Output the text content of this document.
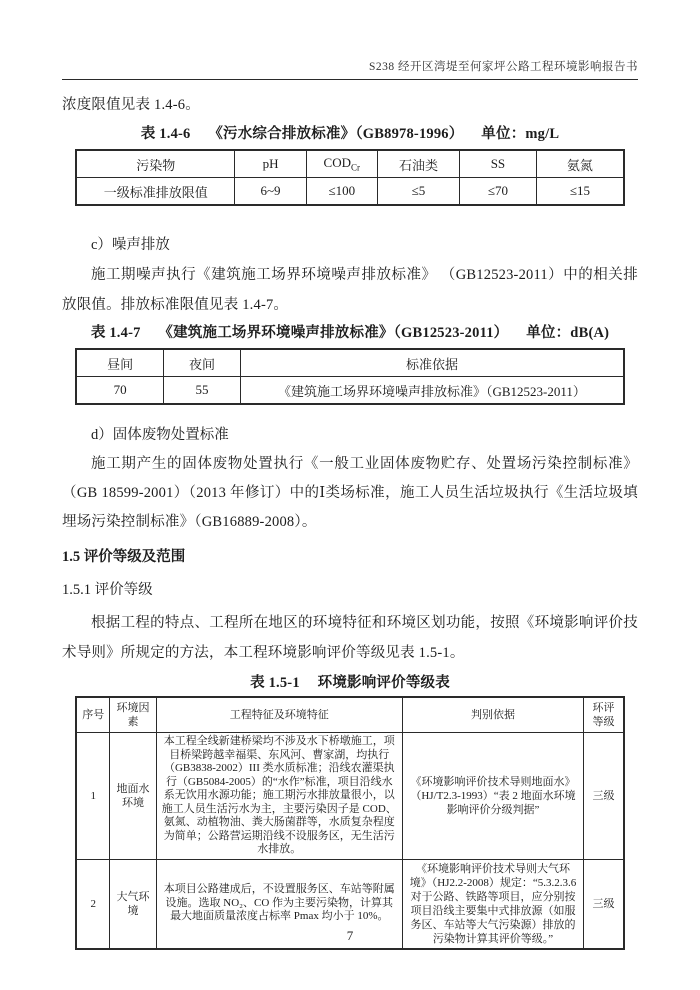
S238 经开区湾堤至何家坪公路工程环境影响报告书

浓度限值见表 1.4-6。

表 1.4-6 《污水综合排放标准》（GB8978-1996） 单位：mg/L
污染物	pH	$COD_{Cr}$	石油类	SS	氨氮
一级标准排放限值	6~9	≤100	≤5	≤70	≤15

c）噪声排放

施工期噪声执行《建筑施工场界环境噪声排放标准》 （GB12523-2011）中的相关排放限值。排放标准限值见表 1.4-7。

表 1.4-7 《建筑施工场界环境噪声排放标准》（GB12523-2011） 单位：dB(A)
昼间	夜间	标准依据
70	55	《建筑施工场界环境噪声排放标准》（GB12523-2011）

d）固体废物处置标准

施工期产生的固体废物处置执行《一般工业固体废物贮存、处置场污染控制标准》（GB 18599-2001）（2013 年修订）中的Ⅰ类场标准，施工人员生活垃圾执行《生活垃圾填埋场污染控制标准》（GB16889-2008）。

1.5 评价等级及范围

1.5.1 评价等级

根据工程的特点、工程所在地区的环境特征和环境区划功能，按照《环境影响评价技术导则》所规定的方法，本工程环境影响评价等级见表 1.5-1。

表 1.5-1 环境影响评价等级表
序号	环境因素	工程特征及环境特征	判别依据	环评等级
1	地面水环境	本工程全线新建桥梁均不涉及水下桥墩施工，项目桥梁跨越幸福渠、东风河、曹家湖，均执行（GB3838-2002）III 类水质标准；沿线农灌渠执行（GB5084-2005）的“水作”标准，项目沿线水系无饮用水源功能；施工期污水排放量很小，以施工人员生活污水为主，主要污染因子是 COD、氨氮、动植物油、粪大肠菌群等，水质复杂程度为简单；公路营运期沿线不设服务区，无生活污水排放。	《环境影响评价技术导则地面水》（HJ/T2.3-1993）“表 2 地面水环境影响评价分级判据”	三级
2	大气环境	本项目公路建成后，不设置服务区、车站等附属设施。选取 NO₂、CO 作为主要污染物，计算其最大地面质量浓度占标率 Pmax 均小于 10%。	《环境影响评价技术导则大气环境》（HJ2.2-2008）规定：“5.3.2.3.6 对于公路、铁路等项目，应分别按项目沿线主要集中式排放源（如服务区、车站等大气污染源）排放的污染物计算其评价等级。”	三级
7
